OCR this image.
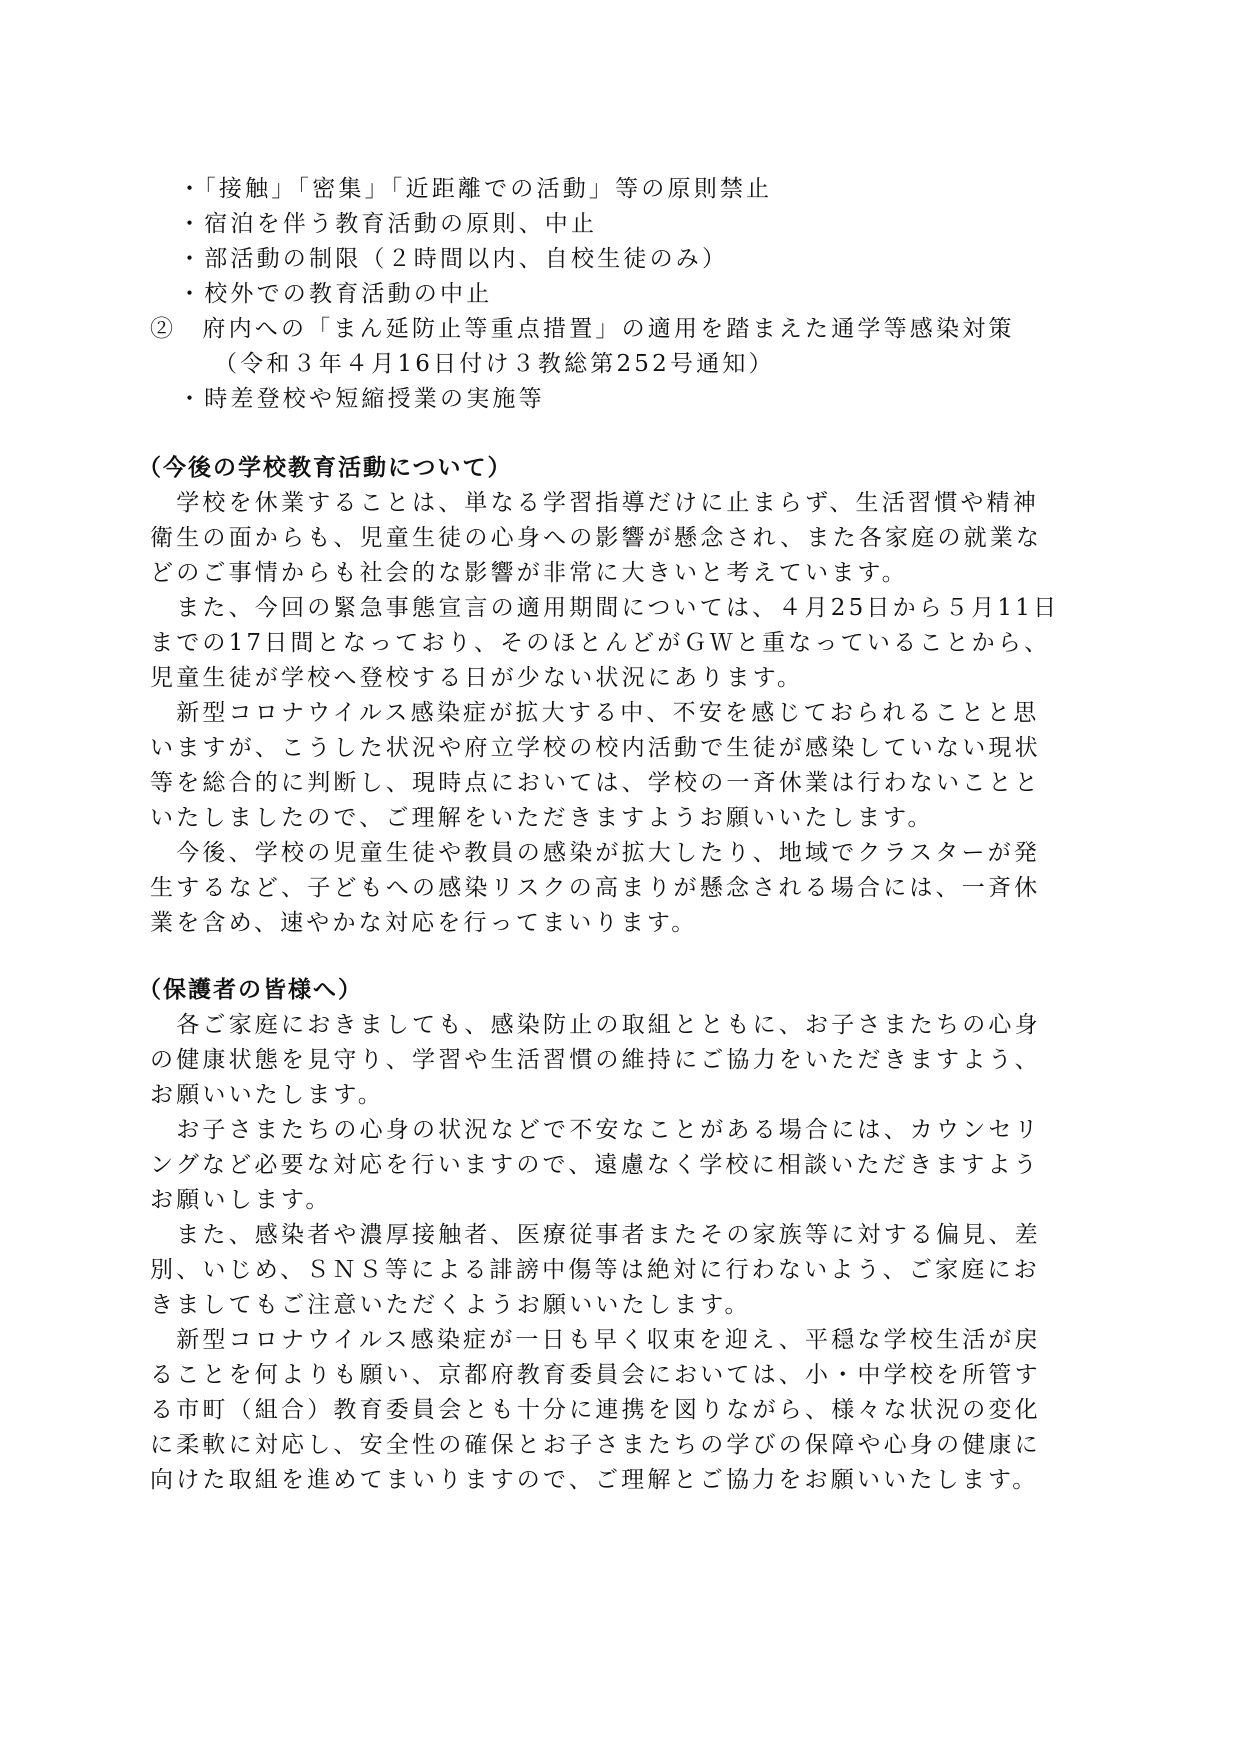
・「接触」「密集」「近距離での活動」等の原則禁止
・宿泊を伴う教育活動の原則、中止
・部活動の制限（２時間以内、自校生徒のみ）
・校外での教育活動の中止
②　府内への「まん延防止等重点措置」の適用を踏まえた通学等感染対策
（令和３年４月16日付け３教総第252号通知）
・時差登校や短縮授業の実施等
（今後の学校教育活動について）
　学校を休業することは、単なる学習指導だけに止まらず、生活習慣や精神
衛生の面からも、児童生徒の心身への影響が懸念され、また各家庭の就業な
どのご事情からも社会的な影響が非常に大きいと考えています。
　また、今回の緊急事態宣言の適用期間については、４月25日から５月11日
までの17日間となっており、そのほとんどがＧＷと重なっていることから、
児童生徒が学校へ登校する日が少ない状況にあります。
　新型コロナウイルス感染症が拡大する中、不安を感じておられることと思
いますが、こうした状況や府立学校の校内活動で生徒が感染していない現状
等を総合的に判断し、現時点においては、学校の一斉休業は行わないことと
いたしましたので、ご理解をいただきますようお願いいたします。
　今後、学校の児童生徒や教員の感染が拡大したり、地域でクラスターが発
生するなど、子どもへの感染リスクの高まりが懸念される場合には、一斉休
業を含め、速やかな対応を行ってまいります。
（保護者の皆様へ）
　各ご家庭におきましても、感染防止の取組とともに、お子さまたちの心身
の健康状態を見守り、学習や生活習慣の維持にご協力をいただきますよう、
お願いいたします。
　お子さまたちの心身の状況などで不安なことがある場合には、カウンセリ
ングなど必要な対応を行いますので、遠慮なく学校に相談いただきますよう
お願いします。
　また、感染者や濃厚接触者、医療従事者またその家族等に対する偏見、差
別、いじめ、ＳＮＳ等による誹謗中傷等は絶対に行わないよう、ご家庭にお
きましてもご注意いただくようお願いいたします。
　新型コロナウイルス感染症が一日も早く収束を迎え、平穏な学校生活が戻
ることを何よりも願い、京都府教育委員会においては、小・中学校を所管す
る市町（組合）教育委員会とも十分に連携を図りながら、様々な状況の変化
に柔軟に対応し、安全性の確保とお子さまたちの学びの保障や心身の健康に
向けた取組を進めてまいりますので、ご理解とご協力をお願いいたします。
